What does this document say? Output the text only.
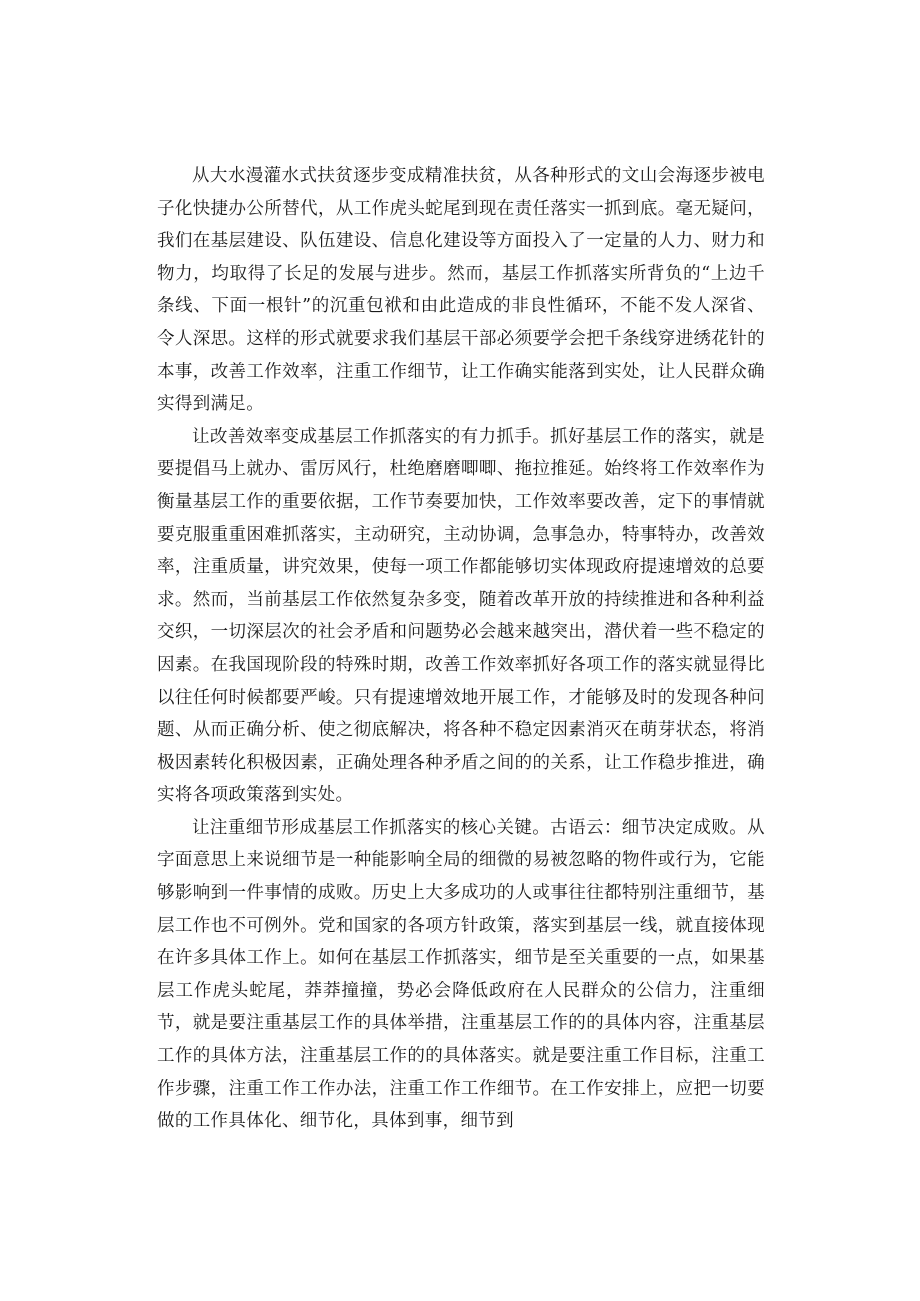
从大水漫灌水式扶贫逐步变成精准扶贫，从各种形式的文山会海逐步被电子化快捷办公所替代，从工作虎头蛇尾到现在责任落实一抓到底。毫无疑问，我们在基层建设、队伍建设、信息化建设等方面投入了一定量的人力、财力和物力，均取得了长足的发展与进步。然而，基层工作抓落实所背负的“上边千条线、下面一根针”的沉重包袱和由此造成的非良性循环，不能不发人深省、令人深思。这样的形式就要求我们基层干部必须要学会把千条线穿进绣花针的本事，改善工作效率，注重工作细节，让工作确实能落到实处，让人民群众确实得到满足。

让改善效率变成基层工作抓落实的有力抓手。抓好基层工作的落实，就是要提倡马上就办、雷厉风行，杜绝磨磨唧唧、拖拉推延。始终将工作效率作为衡量基层工作的重要依据，工作节奏要加快，工作效率要改善，定下的事情就要克服重重困难抓落实，主动研究，主动协调，急事急办，特事特办，改善效率，注重质量，讲究效果，使每一项工作都能够切实体现政府提速增效的总要求。然而，当前基层工作依然复杂多变，随着改革开放的持续推进和各种利益交织，一切深层次的社会矛盾和问题势必会越来越突出，潜伏着一些不稳定的因素。在我国现阶段的特殊时期，改善工作效率抓好各项工作的落实就显得比以往任何时候都要严峻。只有提速增效地开展工作，才能够及时的发现各种问题、从而正确分析、使之彻底解决，将各种不稳定因素消灭在萌芽状态，将消极因素转化积极因素，正确处理各种矛盾之间的的关系，让工作稳步推进，确实将各项政策落到实处。

让注重细节形成基层工作抓落实的核心关键。古语云：细节决定成败。从字面意思上来说细节是一种能影响全局的细微的易被忽略的物件或行为，它能够影响到一件事情的成败。历史上大多成功的人或事往往都特别注重细节，基层工作也不可例外。党和国家的各项方针政策，落实到基层一线，就直接体现在许多具体工作上。如何在基层工作抓落实，细节是至关重要的一点，如果基层工作虎头蛇尾，莽莽撞撞，势必会降低政府在人民群众的公信力，注重细节，就是要注重基层工作的具体举措，注重基层工作的的具体内容，注重基层工作的具体方法，注重基层工作的的具体落实。就是要注重工作目标，注重工作步骤，注重工作工作办法，注重工作工作细节。在工作安排上，应把一切要做的工作具体化、细节化，具体到事，细节到
